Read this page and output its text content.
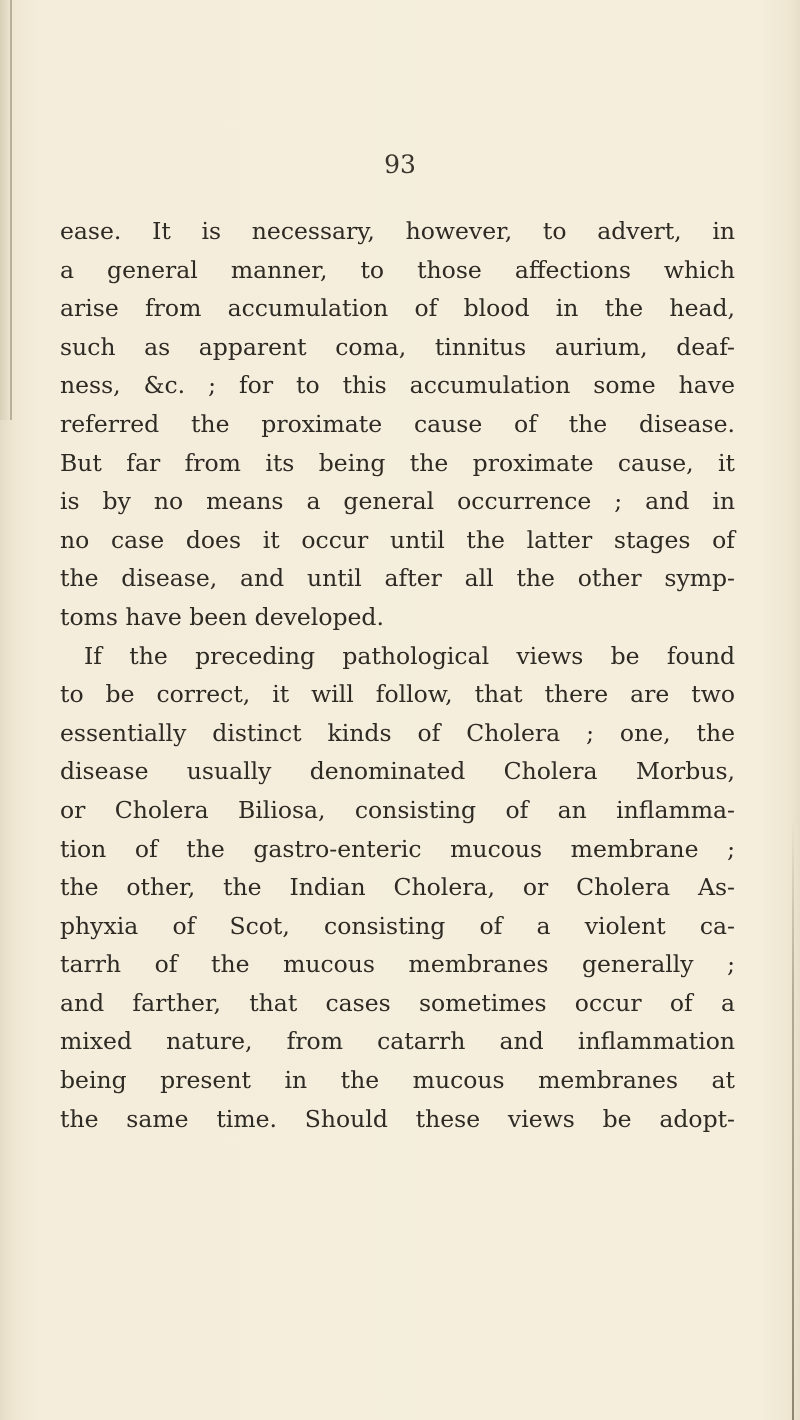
93
ease. It is necessary, however, to advert, in
a general manner, to those affections which
arise from accumulation of blood in the head,
such as apparent coma, tinnitus aurium, deaf-
ness, &c. ; for to this accumulation some have
referred the proximate cause of the disease.
But far from its being the proximate cause, it
is by no means a general occurrence ; and in
no case does it occur until the latter stages of
the disease, and until after all the other symp-
toms have been developed.
If the preceding pathological views be found
to be correct, it will follow, that there are two
essentially distinct kinds of Cholera ; one, the
disease usually denominated Cholera Morbus,
or Cholera Biliosa, consisting of an inflamma-
tion of the gastro-enteric mucous membrane ;
the other, the Indian Cholera, or Cholera As-
phyxia of Scot, consisting of a violent ca-
tarrh of the mucous membranes generally ;
and farther, that cases sometimes occur of a
mixed nature, from catarrh and inflammation
being present in the mucous membranes at
the same time. Should these views be adopt-
